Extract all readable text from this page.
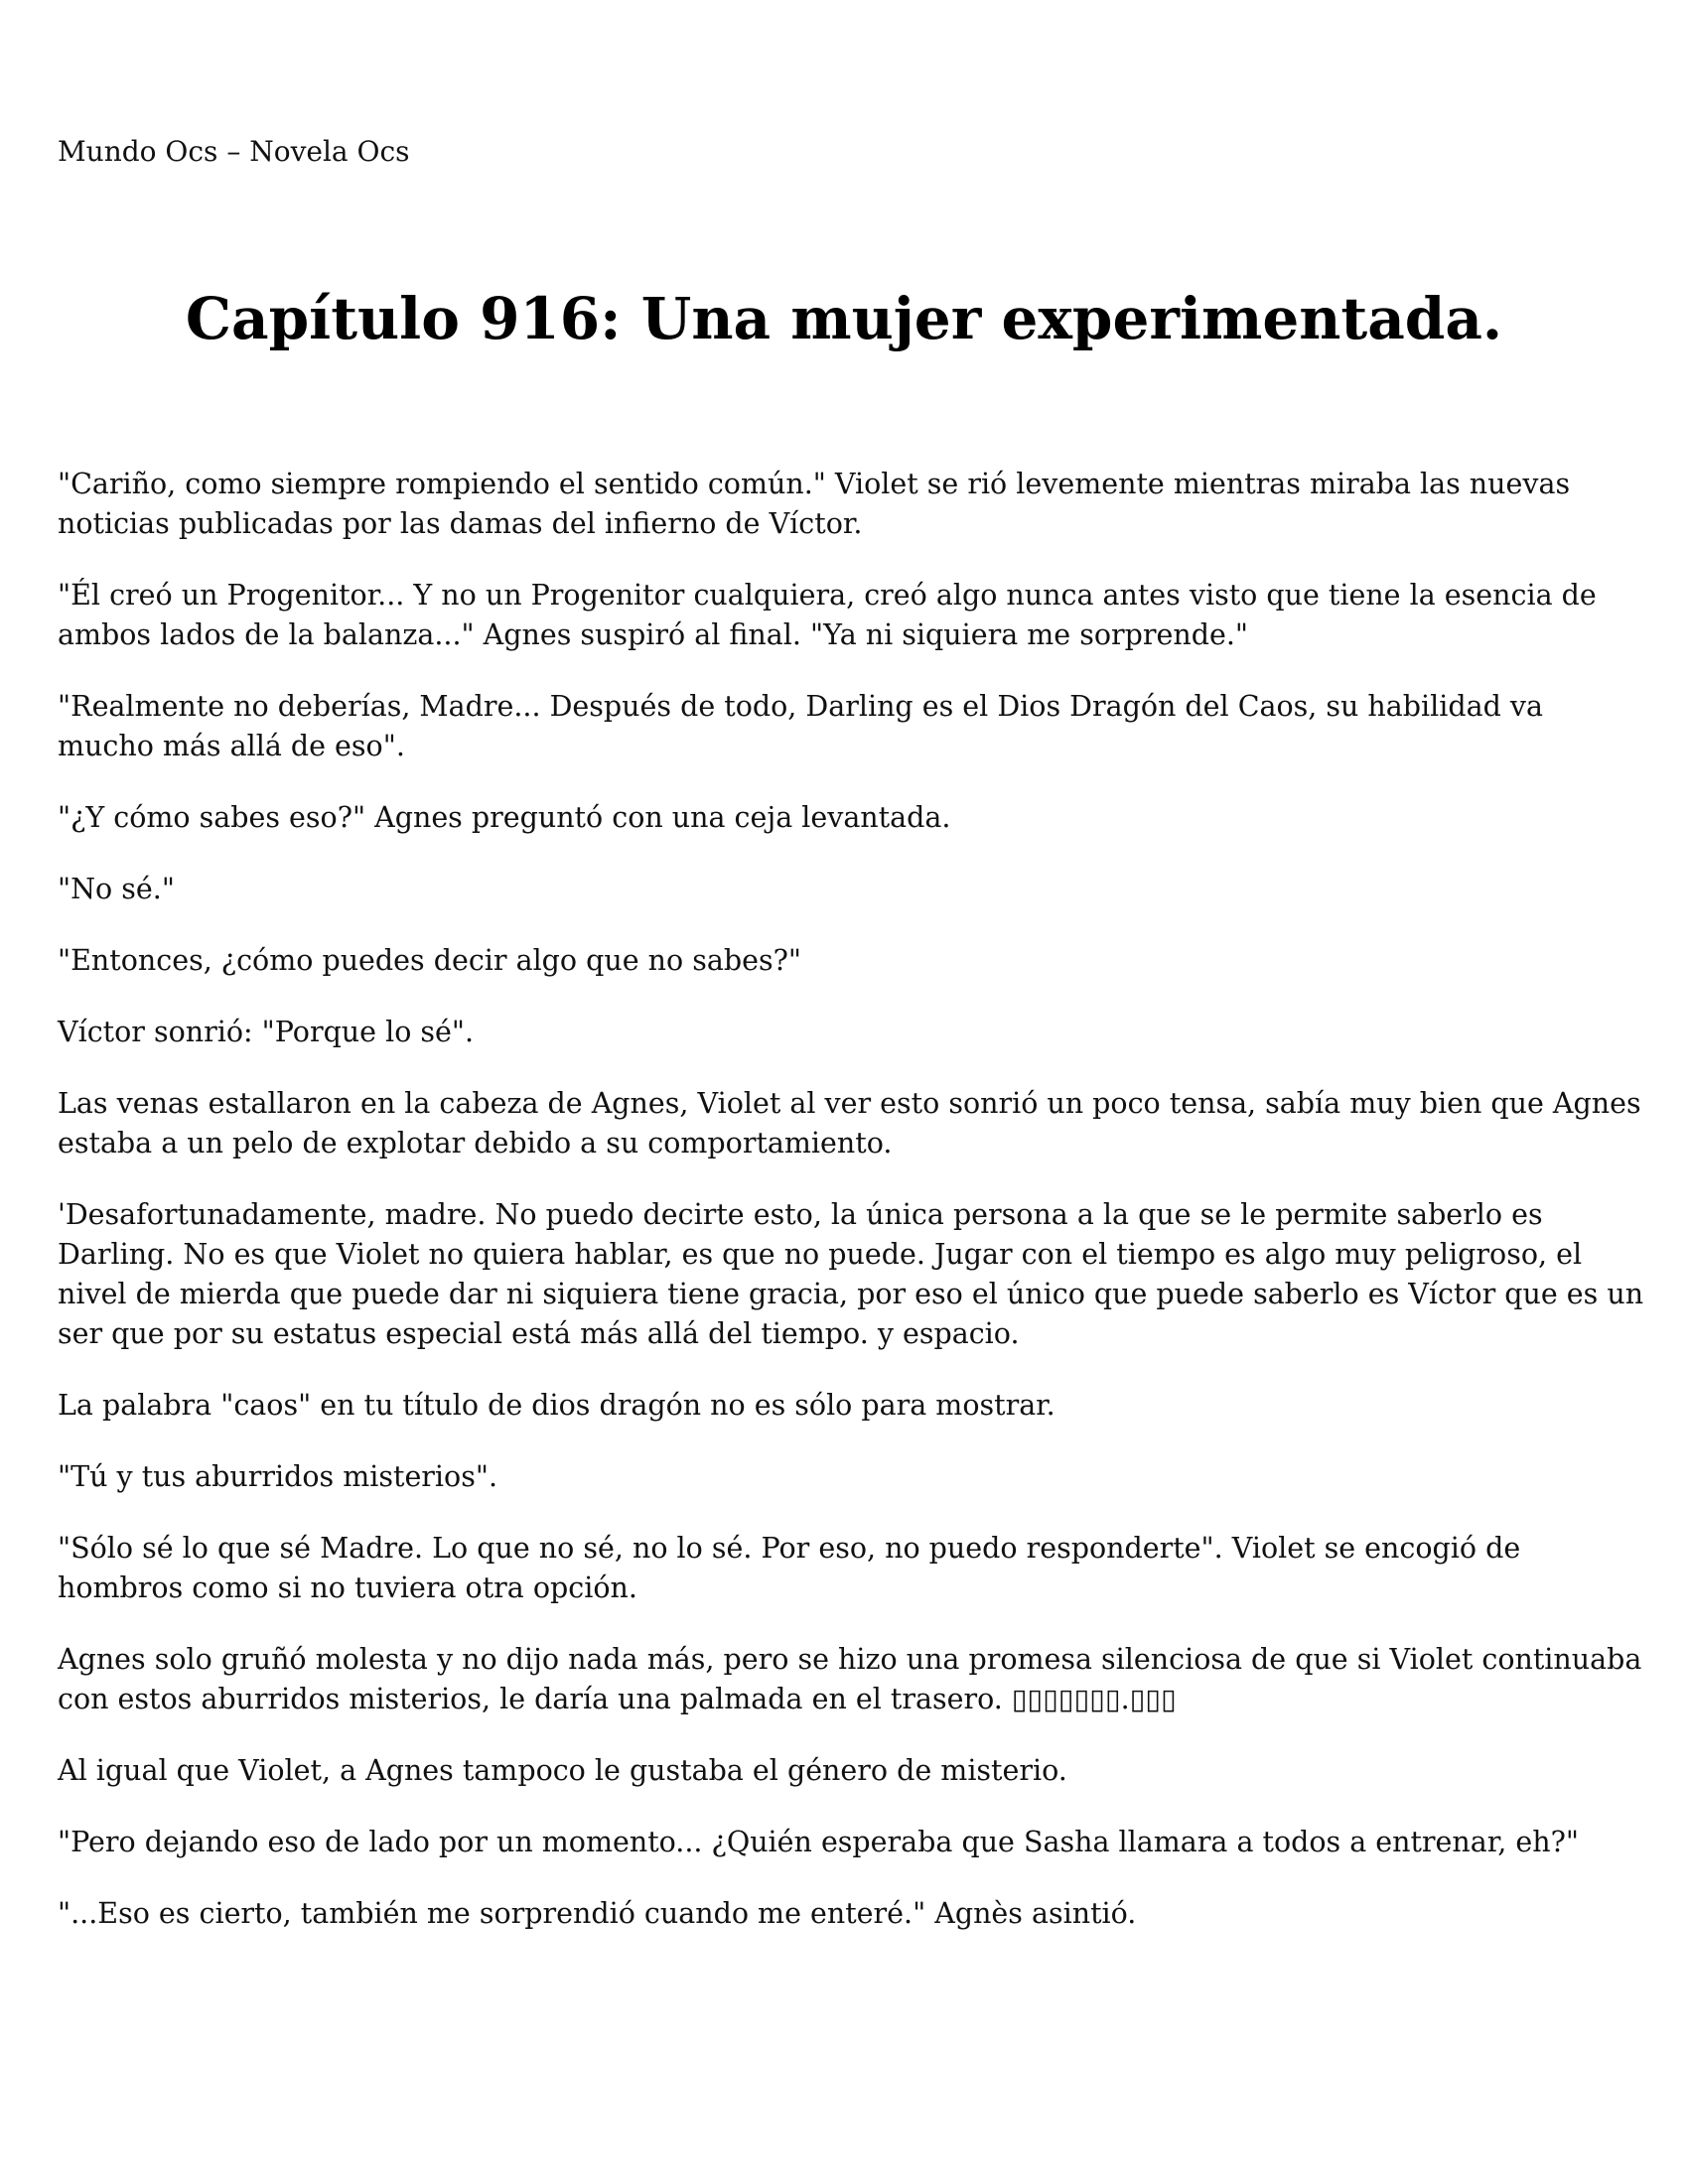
Mundo Ocs – Novela Ocs
Capítulo 916: Una mujer experimentada.

"Cariño, como siempre rompiendo el sentido común." Violet se rió levemente mientras miraba las nuevas noticias publicadas por las damas del infierno de Víctor.

"Él creó un Progenitor... Y no un Progenitor cualquiera, creó algo nunca antes visto que tiene la esencia de ambos lados de la balanza..." Agnes suspiró al final. "Ya ni siquiera me sorprende."

"Realmente no deberías, Madre... Después de todo, Darling es el Dios Dragón del Caos, su habilidad va mucho más allá de eso".

"¿Y cómo sabes eso?" Agnes preguntó con una ceja levantada.

"No sé."

"Entonces, ¿cómo puedes decir algo que no sabes?"

Víctor sonrió: "Porque lo sé".

Las venas estallaron en la cabeza de Agnes, Violet al ver esto sonrió un poco tensa, sabía muy bien que Agnes estaba a un pelo de explotar debido a su comportamiento.

'Desafortunadamente, madre. No puedo decirte esto, la única persona a la que se le permite saberlo es Darling. No es que Violet no quiera hablar, es que no puede. Jugar con el tiempo es algo muy peligroso, el nivel de mierda que puede dar ni siquiera tiene gracia, por eso el único que puede saberlo es Víctor que es un ser que por su estatus especial está más allá del tiempo. y espacio.

La palabra "caos" en tu título de dios dragón no es sólo para mostrar.

"Tú y tus aburridos misterios".

"Sólo sé lo que sé Madre. Lo que no sé, no lo sé. Por eso, no puedo responderte". Violet se encogió de hombros como si no tuviera otra opción.

Agnes solo gruñó molesta y no dijo nada más, pero se hizo una promesa silenciosa de que si Violet continuaba con estos aburridos misterios, le daría una palmada en el trasero. ▯▯▯▯▯▯▯.▯▯▯

Al igual que Violet, a Agnes tampoco le gustaba el género de misterio.

"Pero dejando eso de lado por un momento... ¿Quién esperaba que Sasha llamara a todos a entrenar, eh?"

"...Eso es cierto, también me sorprendió cuando me enteré." Agnès asintió.
